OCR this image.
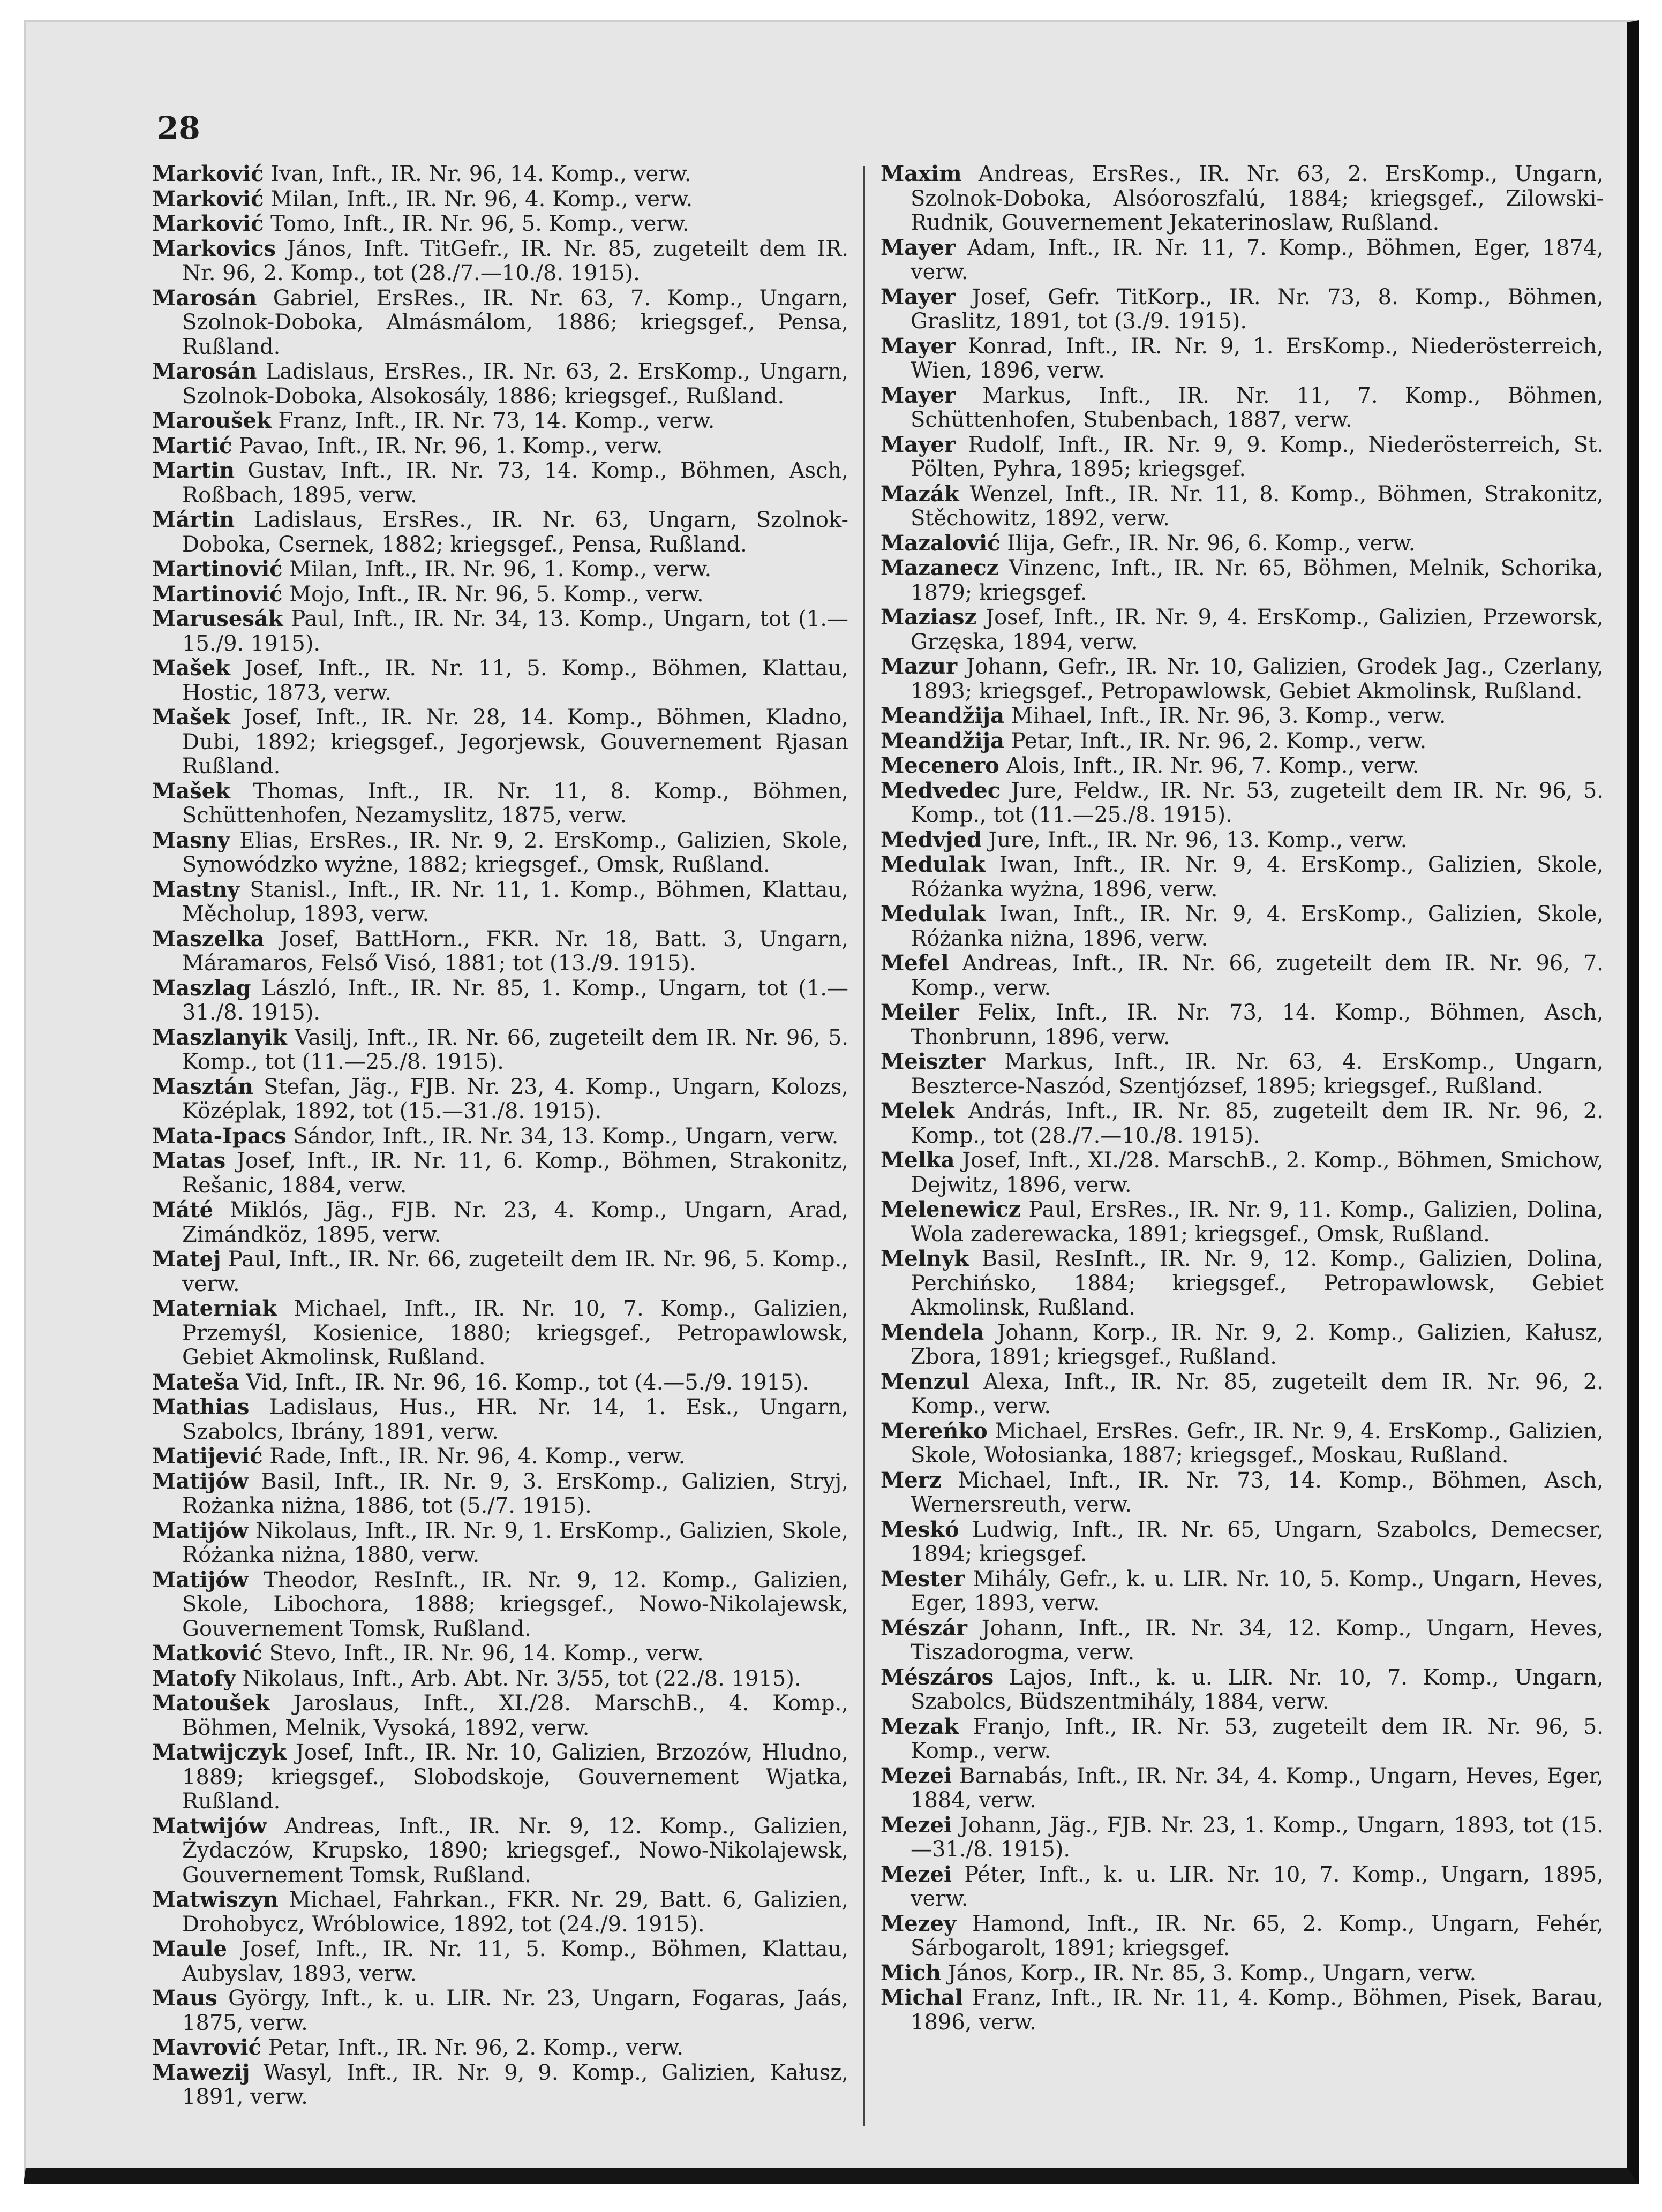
28

Marković Ivan, Inft., IR. Nr. 96, 14. Komp., verw.

Marković Milan, Inft., IR. Nr. 96, 4. Komp., verw.

Marković Tomo, Inft., IR. Nr. 96, 5. Komp., verw.

Markovics János, Inft. TitGefr., IR. Nr. 85, zugeteilt dem IR. Nr. 96, 2. Komp., tot (28./7.—10./8. 1915).

Marosán Gabriel, ErsRes., IR. Nr. 63, 7. Komp., Ungarn, Szolnok-Doboka, Almásmálom, 1886; kriegsgef., Pensa, Rußland.

Marosán Ladislaus, ErsRes., IR. Nr. 63, 2. ErsKomp., Ungarn, Szolnok-Doboka, Alsokosály, 1886; kriegsgef., Rußland.

Maroušek Franz, Inft., IR. Nr. 73, 14. Komp., verw.

Martić Pavao, Inft., IR. Nr. 96, 1. Komp., verw.

Martin Gustav, Inft., IR. Nr. 73, 14. Komp., Böhmen, Asch, Roßbach, 1895, verw.

Mártin Ladislaus, ErsRes., IR. Nr. 63, Ungarn, Szolnok-Doboka, Csernek, 1882; kriegsgef., Pensa, Rußland.

Martinović Milan, Inft., IR. Nr. 96, 1. Komp., verw.

Martinović Mojo, Inft., IR. Nr. 96, 5. Komp., verw.

Marusesák Paul, Inft., IR. Nr. 34, 13. Komp., Ungarn, tot (1.—15./9. 1915).

Mašek Josef, Inft., IR. Nr. 11, 5. Komp., Böhmen, Klattau, Hostic, 1873, verw.

Mašek Josef, Inft., IR. Nr. 28, 14. Komp., Böhmen, Kladno, Dubi, 1892; kriegsgef., Jegorjewsk, Gouvernement Rjasan Rußland.

Mašek Thomas, Inft., IR. Nr. 11, 8. Komp., Böhmen, Schüttenhofen, Nezamyslitz, 1875, verw.

Masny Elias, ErsRes., IR. Nr. 9, 2. ErsKomp., Galizien, Skole, Synowódzko wyżne, 1882; kriegsgef., Omsk, Rußland.

Mastny Stanisl., Inft., IR. Nr. 11, 1. Komp., Böhmen, Klattau, Měcholup, 1893, verw.

Maszelka Josef, BattHorn., FKR. Nr. 18, Batt. 3, Ungarn, Máramaros, Felső Visó, 1881; tot (13./9. 1915).

Maszlag László, Inft., IR. Nr. 85, 1. Komp., Ungarn, tot (1.—31./8. 1915).

Maszlanyik Vasilj, Inft., IR. Nr. 66, zugeteilt dem IR. Nr. 96, 5. Komp., tot (11.—25./8. 1915).

Masztán Stefan, Jäg., FJB. Nr. 23, 4. Komp., Ungarn, Kolozs, Középlak, 1892, tot (15.—31./8. 1915).

Mata-Ipacs Sándor, Inft., IR. Nr. 34, 13. Komp., Ungarn, verw.

Matas Josef, Inft., IR. Nr. 11, 6. Komp., Böhmen, Strakonitz, Rešanic, 1884, verw.

Máté Miklós, Jäg., FJB. Nr. 23, 4. Komp., Ungarn, Arad, Zimándköz, 1895, verw.

Matej Paul, Inft., IR. Nr. 66, zugeteilt dem IR. Nr. 96, 5. Komp., verw.

Materniak Michael, Inft., IR. Nr. 10, 7. Komp., Galizien, Przemyśl, Kosienice, 1880; kriegsgef., Petropawlowsk, Gebiet Akmolinsk, Rußland.

Mateša Vid, Inft., IR. Nr. 96, 16. Komp., tot (4.—5./9. 1915).

Mathias Ladislaus, Hus., HR. Nr. 14, 1. Esk., Ungarn, Szabolcs, Ibrány, 1891, verw.

Matijević Rade, Inft., IR. Nr. 96, 4. Komp., verw.

Matijów Basil, Inft., IR. Nr. 9, 3. ErsKomp., Galizien, Stryj, Rożanka niżna, 1886, tot (5./7. 1915).

Matijów Nikolaus, Inft., IR. Nr. 9, 1. ErsKomp., Galizien, Skole, Różanka niżna, 1880, verw.

Matijów Theodor, ResInft., IR. Nr. 9, 12. Komp., Galizien, Skole, Libochora, 1888; kriegsgef., Nowo-Nikolajewsk, Gouvernement Tomsk, Rußland.

Matković Stevo, Inft., IR. Nr. 96, 14. Komp., verw.

Matofy Nikolaus, Inft., Arb. Abt. Nr. 3/55, tot (22./8. 1915).

Matoušek Jaroslaus, Inft., XI./28. MarschB., 4. Komp., Böhmen, Melnik, Vysoká, 1892, verw.

Matwijczyk Josef, Inft., IR. Nr. 10, Galizien, Brzozów, Hludno, 1889; kriegsgef., Slobodskoje, Gouvernement Wjatka, Rußland.

Matwijów Andreas, Inft., IR. Nr. 9, 12. Komp., Galizien, Żydaczów, Krupsko, 1890; kriegsgef., Nowo-Nikolajewsk, Gouvernement Tomsk, Rußland.

Matwiszyn Michael, Fahrkan., FKR. Nr. 29, Batt. 6, Galizien, Drohobycz, Wróblowice, 1892, tot (24./9. 1915).

Maule Josef, Inft., IR. Nr. 11, 5. Komp., Böhmen, Klattau, Aubyslav, 1893, verw.

Maus György, Inft., k. u. LIR. Nr. 23, Ungarn, Fogaras, Jaás, 1875, verw.

Mavrović Petar, Inft., IR. Nr. 96, 2. Komp., verw.

Mawezij Wasyl, Inft., IR. Nr. 9, 9. Komp., Galizien, Kałusz, 1891, verw.

Maxim Andreas, ErsRes., IR. Nr. 63, 2. ErsKomp., Ungarn, Szolnok-Doboka, Alsóoroszfalú, 1884; kriegsgef., Zilowski-Rudnik, Gouvernement Jekaterinoslaw, Rußland.

Mayer Adam, Inft., IR. Nr. 11, 7. Komp., Böhmen, Eger, 1874, verw.

Mayer Josef, Gefr. TitKorp., IR. Nr. 73, 8. Komp., Böhmen, Graslitz, 1891, tot (3./9. 1915).

Mayer Konrad, Inft., IR. Nr. 9, 1. ErsKomp., Niederösterreich, Wien, 1896, verw.

Mayer Markus, Inft., IR. Nr. 11, 7. Komp., Böhmen, Schüttenhofen, Stubenbach, 1887, verw.

Mayer Rudolf, Inft., IR. Nr. 9, 9. Komp., Niederösterreich, St. Pölten, Pyhra, 1895; kriegsgef.

Mazák Wenzel, Inft., IR. Nr. 11, 8. Komp., Böhmen, Strakonitz, Stěchowitz, 1892, verw.

Mazalović Ilija, Gefr., IR. Nr. 96, 6. Komp., verw.

Mazanecz Vinzenc, Inft., IR. Nr. 65, Böhmen, Melnik, Schorika, 1879; kriegsgef.

Maziasz Josef, Inft., IR. Nr. 9, 4. ErsKomp., Galizien, Przeworsk, Grzęska, 1894, verw.

Mazur Johann, Gefr., IR. Nr. 10, Galizien, Grodek Jag., Czerlany, 1893; kriegsgef., Petropawlowsk, Gebiet Akmolinsk, Rußland.

Meandžija Mihael, Inft., IR. Nr. 96, 3. Komp., verw.

Meandžija Petar, Inft., IR. Nr. 96, 2. Komp., verw.

Mecenero Alois, Inft., IR. Nr. 96, 7. Komp., verw.

Medvedec Jure, Feldw., IR. Nr. 53, zugeteilt dem IR. Nr. 96, 5. Komp., tot (11.—25./8. 1915).

Medvjed Jure, Inft., IR. Nr. 96, 13. Komp., verw.

Medulak Iwan, Inft., IR. Nr. 9, 4. ErsKomp., Galizien, Skole, Różanka wyżna, 1896, verw.

Medulak Iwan, Inft., IR. Nr. 9, 4. ErsKomp., Galizien, Skole, Różanka niżna, 1896, verw.

Mefel Andreas, Inft., IR. Nr. 66, zugeteilt dem IR. Nr. 96, 7. Komp., verw.

Meiler Felix, Inft., IR. Nr. 73, 14. Komp., Böhmen, Asch, Thonbrunn, 1896, verw.

Meiszter Markus, Inft., IR. Nr. 63, 4. ErsKomp., Ungarn, Beszterce-Naszód, Szentjózsef, 1895; kriegsgef., Rußland.

Melek András, Inft., IR. Nr. 85, zugeteilt dem IR. Nr. 96, 2. Komp., tot (28./7.—10./8. 1915).

Melka Josef, Inft., XI./28. MarschB., 2. Komp., Böhmen, Smichow, Dejwitz, 1896, verw.

Melenewicz Paul, ErsRes., IR. Nr. 9, 11. Komp., Galizien, Dolina, Wola zaderewacka, 1891; kriegsgef., Omsk, Rußland.

Melnyk Basil, ResInft., IR. Nr. 9, 12. Komp., Galizien, Dolina, Perchińsko, 1884; kriegsgef., Petropawlowsk, Gebiet Akmolinsk, Rußland.

Mendela Johann, Korp., IR. Nr. 9, 2. Komp., Galizien, Kałusz, Zbora, 1891; kriegsgef., Rußland.

Menzul Alexa, Inft., IR. Nr. 85, zugeteilt dem IR. Nr. 96, 2. Komp., verw.

Mereńko Michael, ErsRes. Gefr., IR. Nr. 9, 4. ErsKomp., Galizien, Skole, Wołosianka, 1887; kriegsgef., Moskau, Rußland.

Merz Michael, Inft., IR. Nr. 73, 14. Komp., Böhmen, Asch, Wernersreuth, verw.

Meskó Ludwig, Inft., IR. Nr. 65, Ungarn, Szabolcs, Demecser, 1894; kriegsgef.

Mester Mihály, Gefr., k. u. LIR. Nr. 10, 5. Komp., Ungarn, Heves, Eger, 1893, verw.

Mészár Johann, Inft., IR. Nr. 34, 12. Komp., Ungarn, Heves, Tiszadorogma, verw.

Mészáros Lajos, Inft., k. u. LIR. Nr. 10, 7. Komp., Ungarn, Szabolcs, Büdszentmihály, 1884, verw.

Mezak Franjo, Inft., IR. Nr. 53, zugeteilt dem IR. Nr. 96, 5. Komp., verw.

Mezei Barnabás, Inft., IR. Nr. 34, 4. Komp., Ungarn, Heves, Eger, 1884, verw.

Mezei Johann, Jäg., FJB. Nr. 23, 1. Komp., Ungarn, 1893, tot (15.—31./8. 1915).

Mezei Péter, Inft., k. u. LIR. Nr. 10, 7. Komp., Ungarn, 1895, verw.

Mezey Hamond, Inft., IR. Nr. 65, 2. Komp., Ungarn, Fehér, Sárbogarolt, 1891; kriegsgef.

Mich János, Korp., IR. Nr. 85, 3. Komp., Ungarn, verw.

Michal Franz, Inft., IR. Nr. 11, 4. Komp., Böhmen, Pisek, Barau, 1896, verw.
